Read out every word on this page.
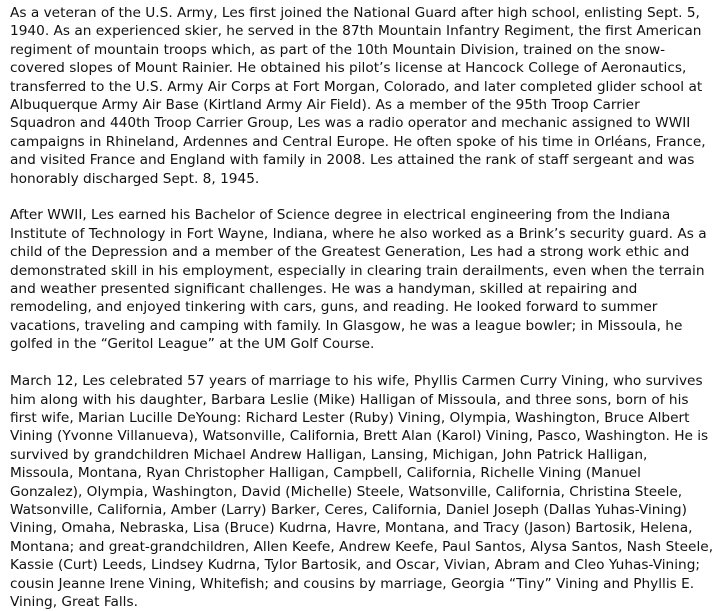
As a veteran of the U.S. Army, Les first joined the National Guard after high school, enlisting Sept. 5,
1940. As an experienced skier, he served in the 87th Mountain Infantry Regiment, the first American
regiment of mountain troops which, as part of the 10th Mountain Division, trained on the snow-
covered slopes of Mount Rainier. He obtained his pilot’s license at Hancock College of Aeronautics,
transferred to the U.S. Army Air Corps at Fort Morgan, Colorado, and later completed glider school at
Albuquerque Army Air Base (Kirtland Army Air Field). As a member of the 95th Troop Carrier
Squadron and 440th Troop Carrier Group, Les was a radio operator and mechanic assigned to WWII
campaigns in Rhineland, Ardennes and Central Europe. He often spoke of his time in Orléans, France,
and visited France and England with family in 2008. Les attained the rank of staff sergeant and was
honorably discharged Sept. 8, 1945.

After WWII, Les earned his Bachelor of Science degree in electrical engineering from the Indiana
Institute of Technology in Fort Wayne, Indiana, where he also worked as a Brink’s security guard. As a
child of the Depression and a member of the Greatest Generation, Les had a strong work ethic and
demonstrated skill in his employment, especially in clearing train derailments, even when the terrain
and weather presented significant challenges. He was a handyman, skilled at repairing and
remodeling, and enjoyed tinkering with cars, guns, and reading. He looked forward to summer
vacations, traveling and camping with family. In Glasgow, he was a league bowler; in Missoula, he
golfed in the “Geritol League” at the UM Golf Course.

March 12, Les celebrated 57 years of marriage to his wife, Phyllis Carmen Curry Vining, who survives
him along with his daughter, Barbara Leslie (Mike) Halligan of Missoula, and three sons, born of his
first wife, Marian Lucille DeYoung: Richard Lester (Ruby) Vining, Olympia, Washington, Bruce Albert
Vining (Yvonne Villanueva), Watsonville, California, Brett Alan (Karol) Vining, Pasco, Washington. He is
survived by grandchildren Michael Andrew Halligan, Lansing, Michigan, John Patrick Halligan,
Missoula, Montana, Ryan Christopher Halligan, Campbell, California, Richelle Vining (Manuel
Gonzalez), Olympia, Washington, David (Michelle) Steele, Watsonville, California, Christina Steele,
Watsonville, California, Amber (Larry) Barker, Ceres, California, Daniel Joseph (Dallas Yuhas-Vining)
Vining, Omaha, Nebraska, Lisa (Bruce) Kudrna, Havre, Montana, and Tracy (Jason) Bartosik, Helena,
Montana; and great-grandchildren, Allen Keefe, Andrew Keefe, Paul Santos, Alysa Santos, Nash Steele,
Kassie (Curt) Leeds, Lindsey Kudrna, Tylor Bartosik, and Oscar, Vivian, Abram and Cleo Yuhas-Vining;
cousin Jeanne Irene Vining, Whitefish; and cousins by marriage, Georgia “Tiny” Vining and Phyllis E.
Vining, Great Falls.
